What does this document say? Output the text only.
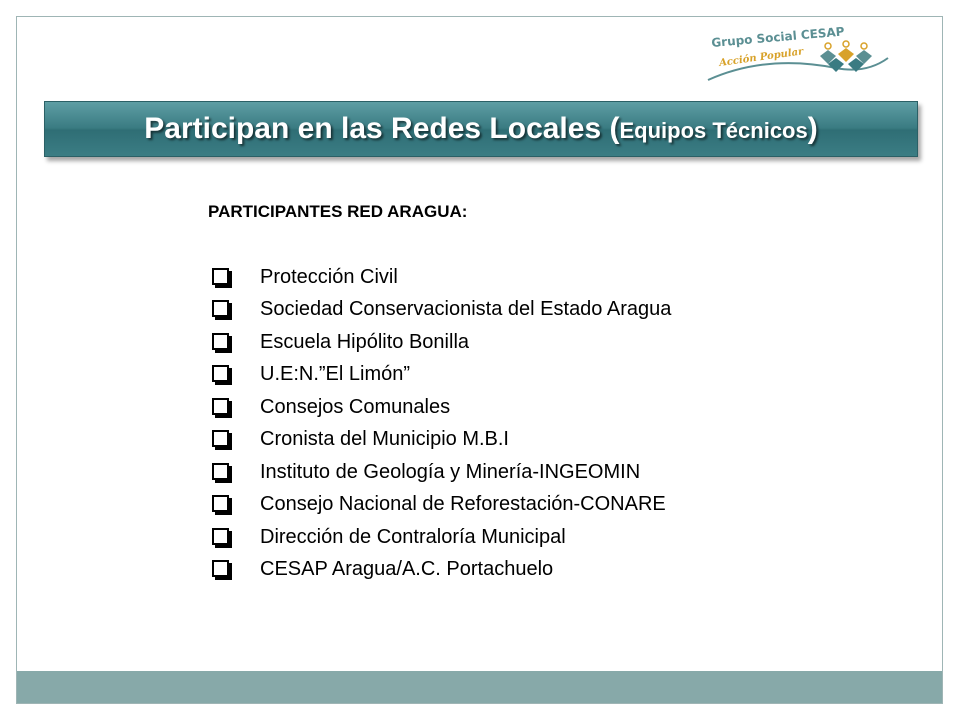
Grupo Social CESAP
Acción Popular
Participan en las Redes Locales (Equipos Técnicos)
PARTICIPANTES RED ARAGUA:
Protección Civil
Sociedad Conservacionista del Estado Aragua
Escuela Hipólito Bonilla
U.E:N.”El Limón”
Consejos Comunales
Cronista del Municipio M.B.I
Instituto de Geología y Minería-INGEOMIN
Consejo Nacional de Reforestación-CONARE
Dirección de Contraloría Municipal
CESAP Aragua/A.C. Portachuelo
